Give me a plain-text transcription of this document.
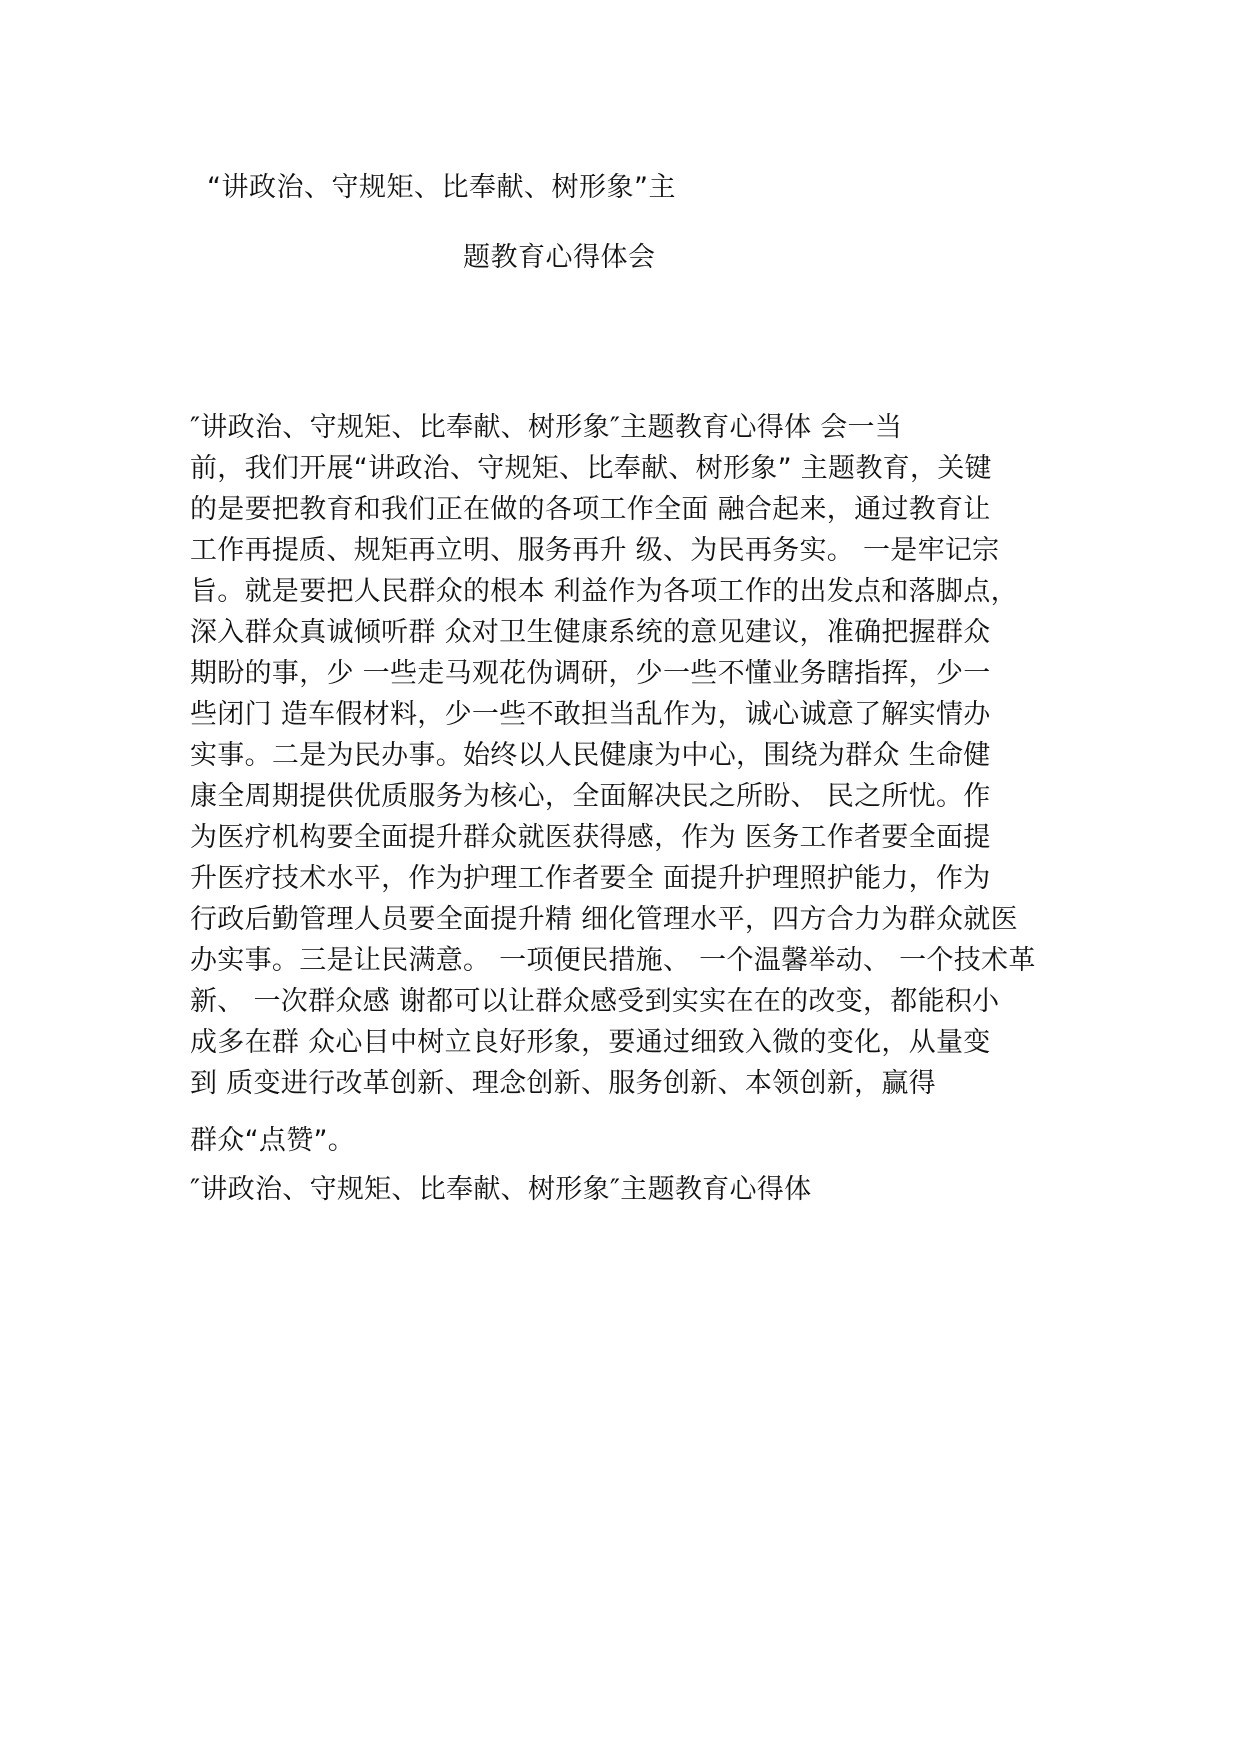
“讲政治、守规矩、比奉献、树形象”主
题教育心得体会
″讲政治、守规矩、比奉献、树形象″主题教育心得体 会一当
前，我们开展“讲政治、守规矩、比奉献、树形象” 主题教育，关键
的是要把教育和我们正在做的各项工作全面 融合起来，通过教育让
工作再提质、规矩再立明、服务再升 级、为民再务实。 一是牢记宗
旨。就是要把人民群众的根本 利益作为各项工作的出发点和落脚点，
深入群众真诚倾听群 众对卫生健康系统的意见建议，准确把握群众
期盼的事，少 一些走马观花伪调研，少一些不懂业务瞎指挥，少一
些闭门 造车假材料，少一些不敢担当乱作为，诚心诚意了解实情办
实事。二是为民办事。始终以人民健康为中心，围绕为群众 生命健
康全周期提供优质服务为核心，全面解决民之所盼、 民之所忧。作
为医疗机构要全面提升群众就医获得感，作为 医务工作者要全面提
升医疗技术水平，作为护理工作者要全 面提升护理照护能力，作为
行政后勤管理人员要全面提升精 细化管理水平，四方合力为群众就医
办实事。三是让民满意。 一项便民措施、 一个温馨举动、 一个技术革
新、 一次群众感 谢都可以让群众感受到实实在在的改变，都能积小
成多在群 众心目中树立良好形象，要通过细致入微的变化，从量变
到 质变进行改革创新、理念创新、服务创新、本领创新，赢得
群众“点赞”。
″讲政治、守规矩、比奉献、树形象″主题教育心得体
